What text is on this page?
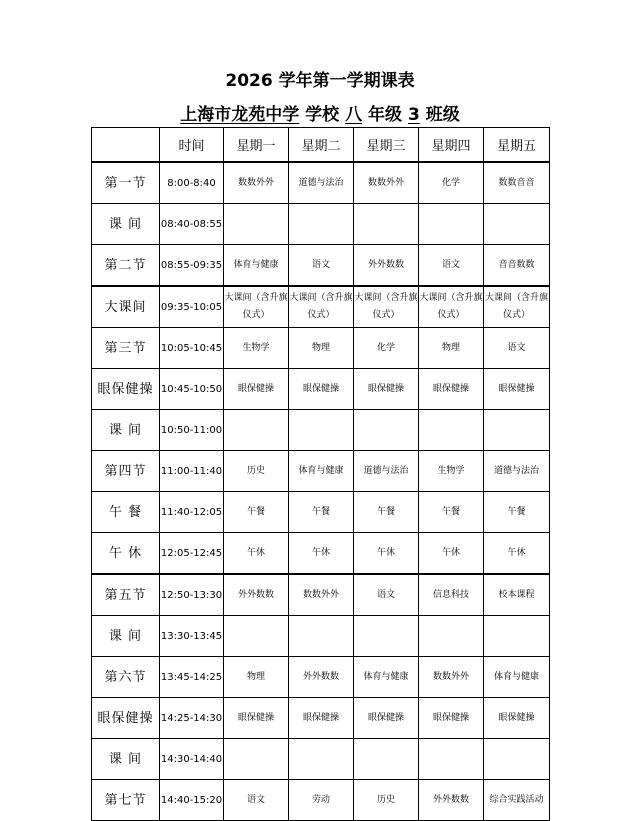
2026 学年第一学期课表
上海市龙苑中学 学校 八 年级 3 班级
	时间	星期一	星期二	星期三	星期四	星期五
第一节	8:00-8:40	数数外外	道德与法治	数数外外	化学	数数音音
课 间	08:40-08:55					
第二节	08:55-09:35	体育与健康	语文	外外数数	语文	音音数数
大课间	09:35-10:05	大课间（含升旗仪式）	大课间（含升旗仪式）	大课间（含升旗仪式）	大课间（含升旗仪式）	大课间（含升旗仪式）
第三节	10:05-10:45	生物学	物理	化学	物理	语文
眼保健操	10:45-10:50	眼保健操	眼保健操	眼保健操	眼保健操	眼保健操
课 间	10:50-11:00					
第四节	11:00-11:40	历史	体育与健康	道德与法治	生物学	道德与法治
午 餐	11:40-12:05	午餐	午餐	午餐	午餐	午餐
午 休	12:05-12:45	午休	午休	午休	午休	午休
第五节	12:50-13:30	外外数数	数数外外	语文	信息科技	校本课程
课 间	13:30-13:45					
第六节	13:45-14:25	物理	外外数数	体育与健康	数数外外	体育与健康
眼保健操	14:25-14:30	眼保健操	眼保健操	眼保健操	眼保健操	眼保健操
课 间	14:30-14:40					
第七节	14:40-15:20	语文	劳动	历史	外外数数	综合实践活动
